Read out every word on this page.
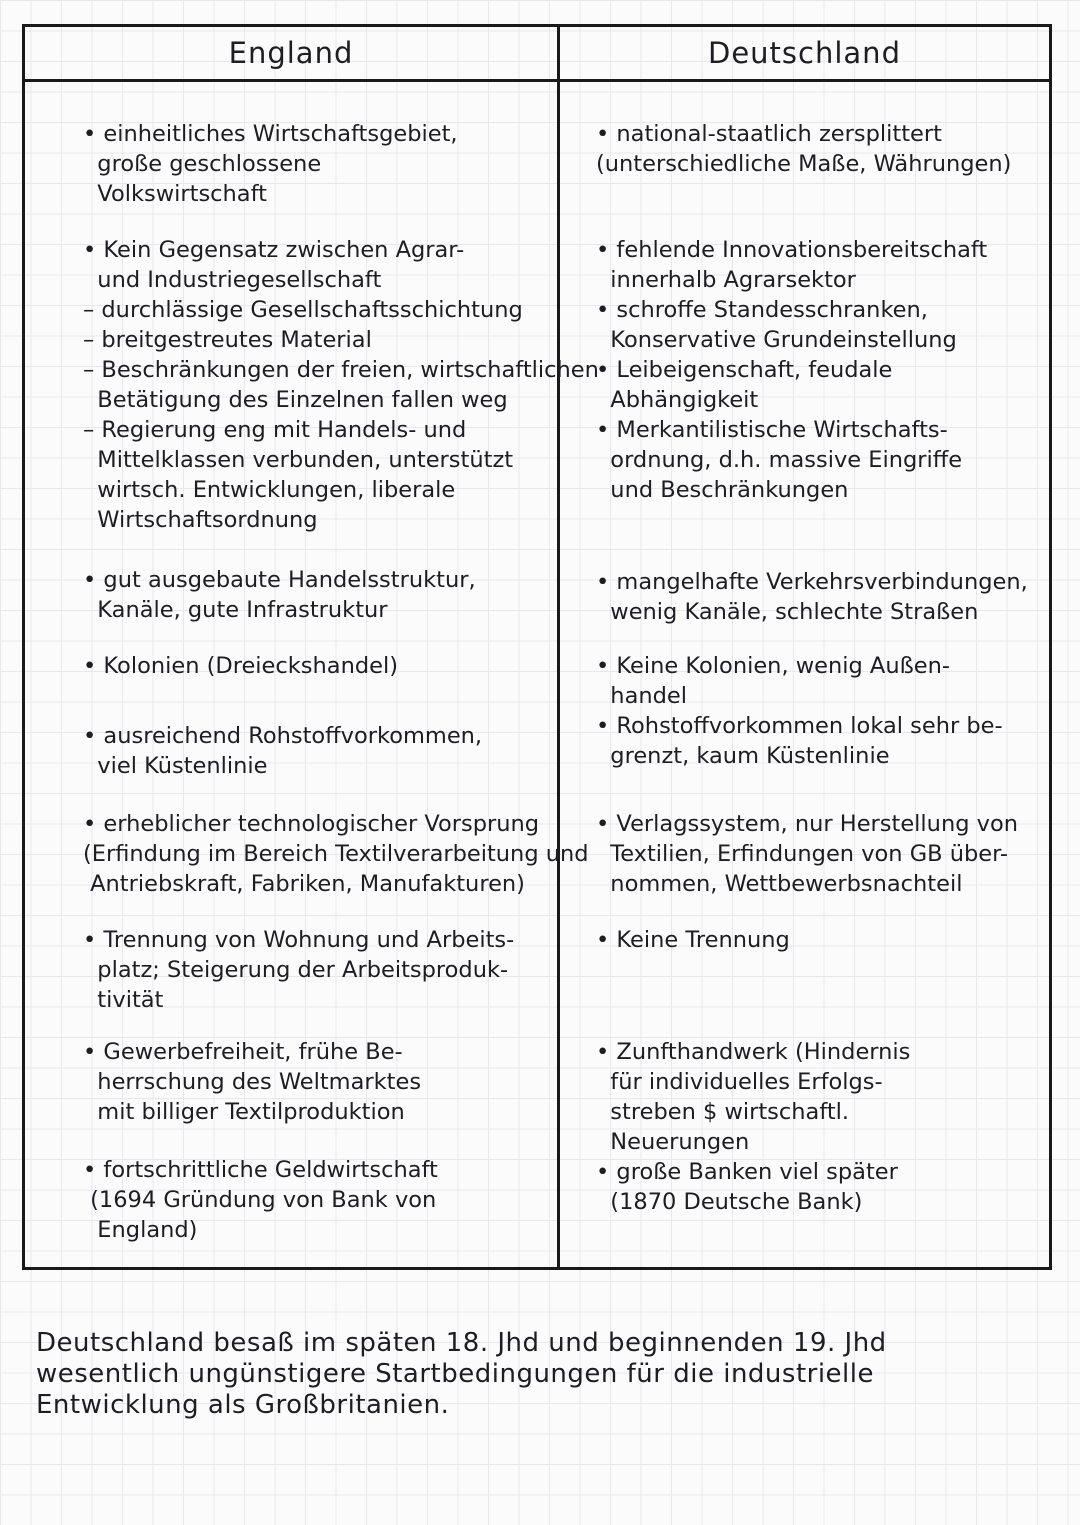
England	Deutschland
• einheitliches Wirtschaftsgebiet,
große geschlossene
Volkswirtschaft
• Kein Gegensatz zwischen Agrar-
und Industriegesellschaft
– durchlässige Gesellschaftsschichtung
– breitgestreutes Material
– Beschränkungen der freien, wirtschaftlichen
Betätigung des Einzelnen fallen weg
– Regierung eng mit Handels- und
Mittelklassen verbunden, unterstützt
wirtsch. Entwicklungen, liberale
Wirtschaftsordnung
• gut ausgebaute Handelsstruktur,
Kanäle, gute Infrastruktur
• Kolonien (Dreieckshandel)
• ausreichend Rohstoffvorkommen,
viel Küstenlinie
• erheblicher technologischer Vorsprung
(Erfindung im Bereich Textilverarbeitung und
Antriebskraft, Fabriken, Manufakturen)
• Trennung von Wohnung und Arbeits-
platz; Steigerung der Arbeitsproduk-
tivität
• Gewerbefreiheit, frühe Be-
herrschung des Weltmarktes
mit billiger Textilproduktion
• fortschrittliche Geldwirtschaft
(1694 Gründung von Bank von
England)
• national-staatlich zersplittert
(unterschiedliche Maße, Währungen)
• fehlende Innovationsbereitschaft
innerhalb Agrarsektor
• schroffe Standesschranken,
Konservative Grundeinstellung
• Leibeigenschaft, feudale
Abhängigkeit
• Merkantilistische Wirtschafts-
ordnung, d.h. massive Eingriffe
und Beschränkungen
• mangelhafte Verkehrsverbindungen,
wenig Kanäle, schlechte Straßen
• Keine Kolonien, wenig Außen-
handel
• Rohstoffvorkommen lokal sehr be-
grenzt, kaum Küstenlinie
• Verlagssystem, nur Herstellung von
Textilien, Erfindungen von GB über-
nommen, Wettbewerbsnachteil
• Keine Trennung
• Zunfthandwerk (Hindernis
für individuelles Erfolgs-
streben $ wirtschaftl.
Neuerungen
• große Banken viel später
(1870 Deutsche Bank)
Deutschland besaß im späten 18. Jhd und beginnenden 19. Jhd
wesentlich ungünstigere Startbedingungen für die industrielle
Entwicklung als Großbritanien.
